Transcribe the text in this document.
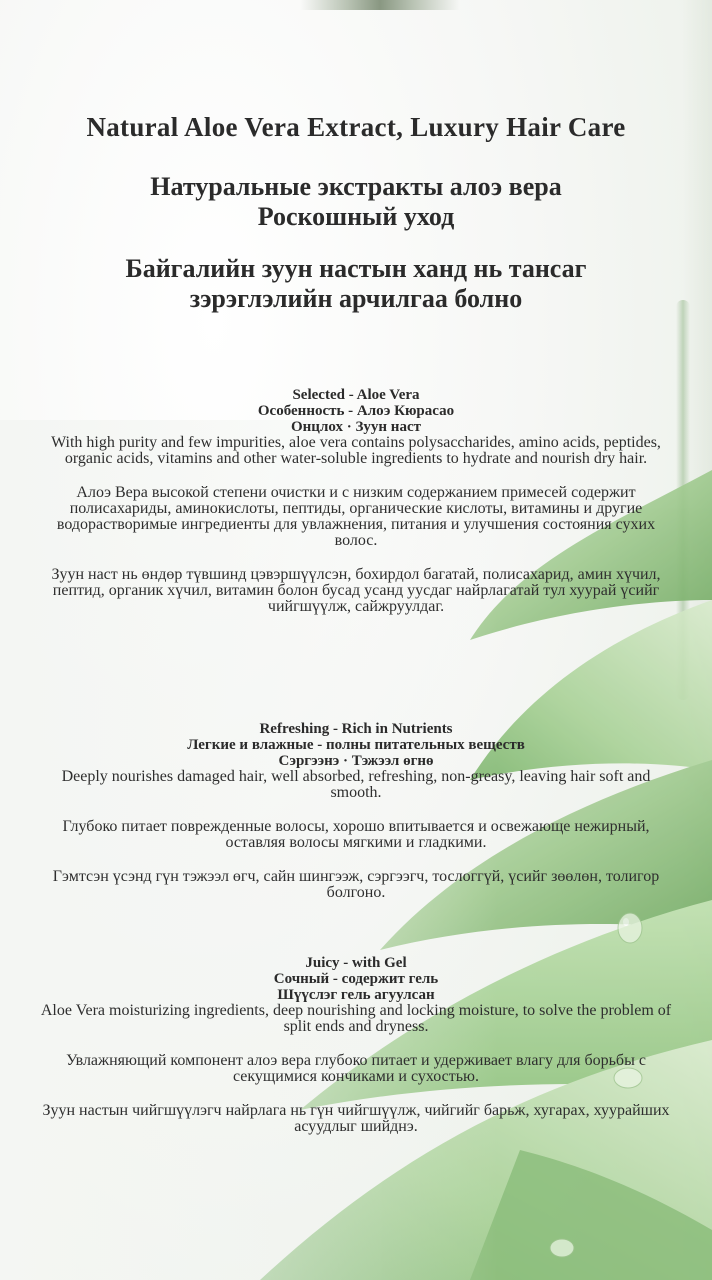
Natural Aloe Vera Extract, Luxury Hair Care
Натуральные экстракты алоэ вера
Роскошный уход
Байгалийн зуун настын ханд нь тансаг
зэрэглэлийн арчилгаа болно
Selected - Aloe Vera
Особенность - Алоэ Кюрасао
Онцлох · Зуун наст

With high purity and few impurities, aloe vera contains polysaccharides, amino acids, peptides, organic acids, vitamins and other water-soluble ingredients to hydrate and nourish dry hair.

Алоэ Вера высокой степени очистки и с низким содержанием примесей содержит полисахариды, аминокислоты, пептиды, органические кислоты, витамины и другие водорастворимые ингредиенты для увлажнения, питания и улучшения состояния сухих волос.

Зуун наст нь өндөр түвшинд цэвэршүүлсэн, бохирдол багатай, полисахарид, амин хүчил, пептид, органик хүчил, витамин болон бусад усанд уусдаг найрлагатай тул хуурай үсийг чийгшүүлж, сайжруулдаг.

Refreshing - Rich in Nutrients
Легкие и влажные - полны питательных веществ
Сэргээнэ · Тэжээл өгнө

Deeply nourishes damaged hair, well absorbed, refreshing, non-greasy, leaving hair soft and smooth.

Глубоко питает поврежденные волосы, хорошо впитывается и освежающе нежирный, оставляя волосы мягкими и гладкими.

Гэмтсэн үсэнд гүн тэжээл өгч, сайн шингээж, сэргээгч, тослоггүй, үсийг зөөлөн, толигор болгоно.

Juicy - with Gel
Сочный - содержит гель
Шүүслэг гель агуулсан

Aloe Vera moisturizing ingredients, deep nourishing and locking moisture, to solve the problem of split ends and dryness.

Увлажняющий компонент алоэ вера глубоко питает и удерживает влагу для борьбы с секущимися кончиками и сухостью.

Зуун настын чийгшүүлэгч найрлага нь гүн чийгшүүлж, чийгийг барьж, хугарах, хуурайших асуудлыг шийднэ.
